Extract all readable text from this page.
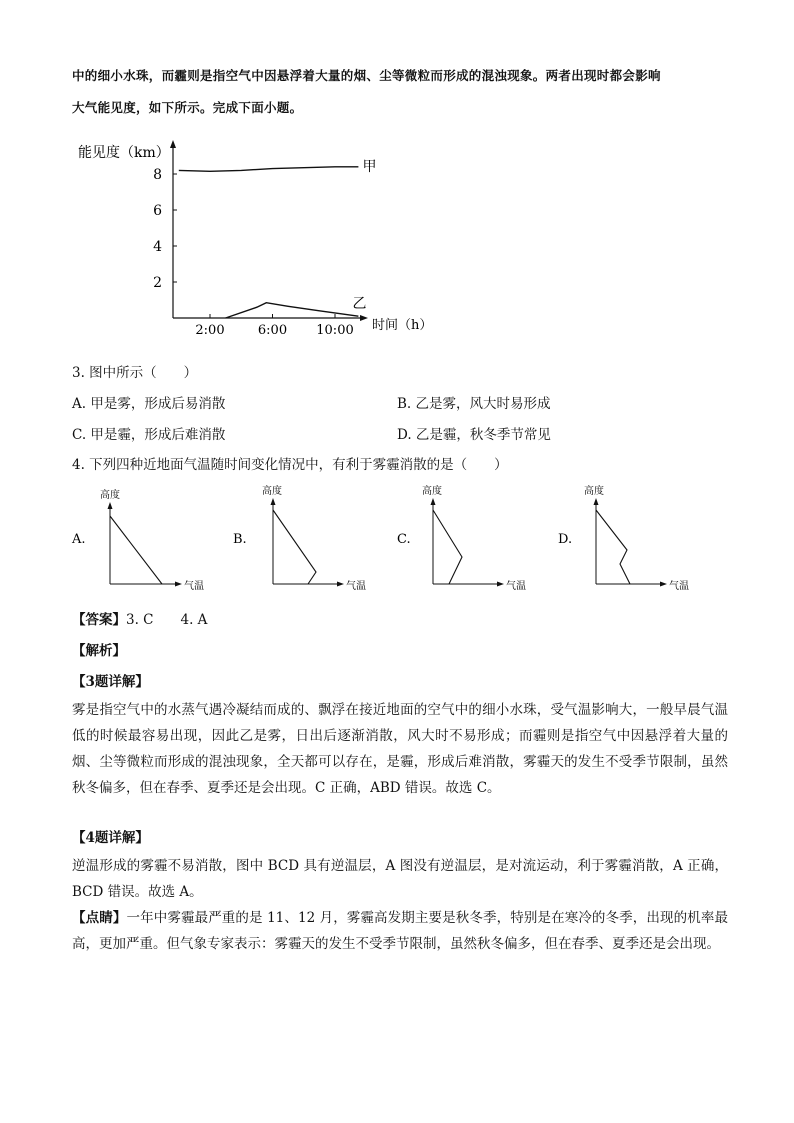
中的细小水珠，而霾则是指空气中因悬浮着大量的烟、尘等微粒而形成的混浊现象。两者出现时都会影响
大气能见度，如下所示。完成下面小题。
能见度（km）
时间（h）
2
4
6
8
2:00	6:00 10:00
甲
乙
3. 图中所示（　　）
A. 甲是雾，形成后易消散	B. 乙是雾，风大时易形成
C. 甲是霾，形成后难消散	D. 乙是霾，秋冬季节常见
4. 下列四种近地面气温随时间变化情况中，有利于雾霾消散的是（　　）
A.
高度
气温
B.
高度
气温
C.
高度
气温
D.
高度
气温
【答案】3. C　　4. A
【解析】
【3题详解】
雾是指空气中的水蒸气遇冷凝结而成的、飘浮在接近地面的空气中的细小水珠，受气温影响大，一般早晨气温低的时候最容易出现，因此乙是雾，日出后逐渐消散，风大时不易形成；而霾则是指空气中因悬浮着大量的烟、尘等微粒而形成的混浊现象，全天都可以存在，是霾，形成后难消散，雾霾天的发生不受季节限制，虽然秋冬偏多，但在春季、夏季还是会出现。C 正确，ABD 错误。故选 C。
【4题详解】
逆温形成的雾霾不易消散，图中 BCD 具有逆温层，A 图没有逆温层，是对流运动，利于雾霾消散，A 正确，BCD 错误。故选 A。
【点睛】一年中雾霾最严重的是 11、12 月，雾霾高发期主要是秋冬季，特别是在寒冷的冬季，出现的机率最高，更加严重。但气象专家表示：雾霾天的发生不受季节限制，虽然秋冬偏多，但在春季、夏季还是会出现。
